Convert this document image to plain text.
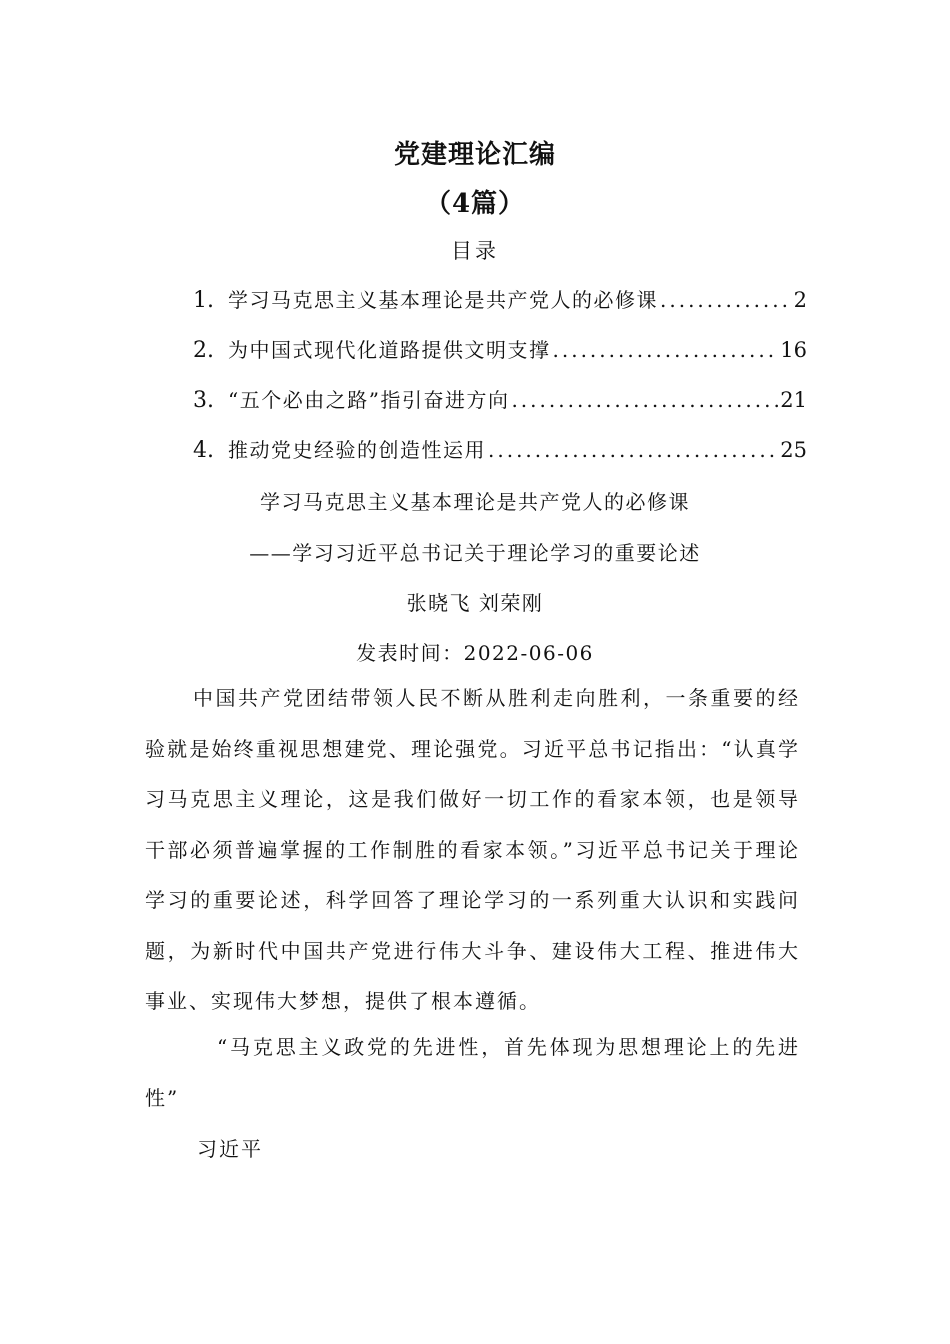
党建理论汇编
（4篇）
目录
1. 学习马克思主义基本理论是共产党人的必修课 .....	2
2. 为中国式现代化道路提供文明支撑 .....	16
3. “五个必由之路”指引奋进方向 .....	21
4. 推动党史经验的创造性运用 .....	25
学习马克思主义基本理论是共产党人的必修课
——学习习近平总书记关于理论学习的重要论述
张晓飞 刘荣刚
发表时间：2022-06-06
中国共产党团结带领人民不断从胜利走向胜利，一条重要的经验就是始终重视思想建党、理论强党。习近平总书记指出：“认真学习马克思主义理论，这是我们做好一切工作的看家本领，也是领导干部必须普遍掌握的工作制胜的看家本领。”习近平总书记关于理论学习的重要论述，科学回答了理论学习的一系列重大认识和实践问题，为新时代中国共产党进行伟大斗争、建设伟大工程、推进伟大事业、实现伟大梦想，提供了根本遵循。
“马克思主义政党的先进性，首先体现为思想理论上的先进性”
习近平
